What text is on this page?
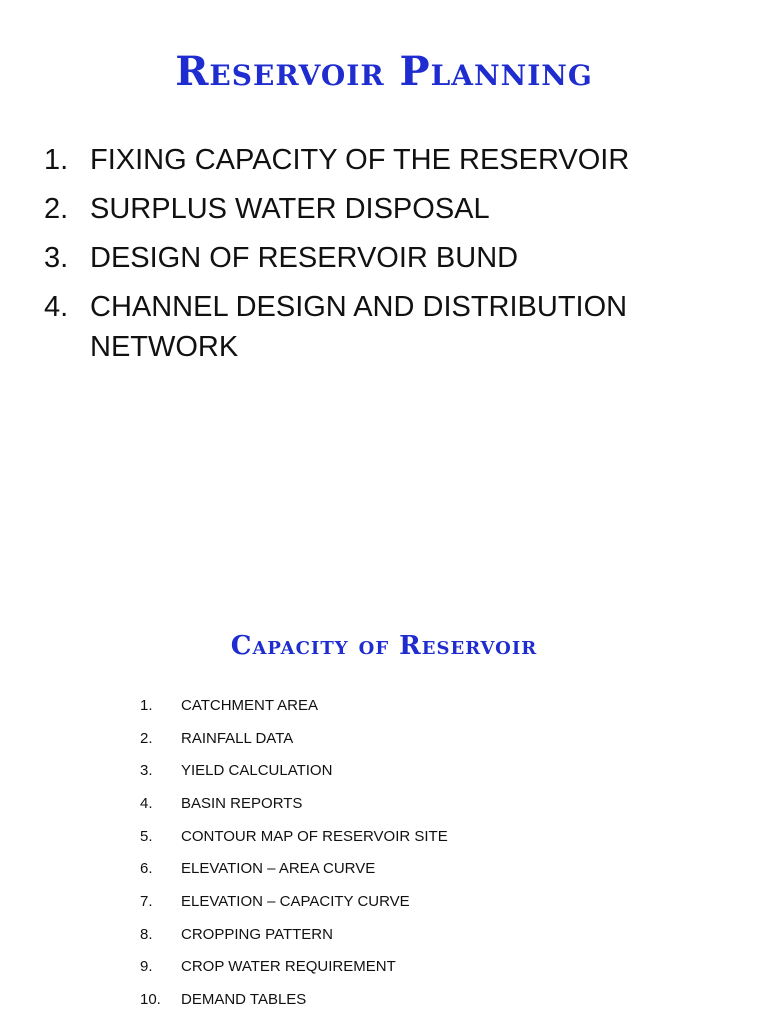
Reservoir Planning
1. FIXING CAPACITY OF THE RESERVOIR
2. SURPLUS WATER DISPOSAL
3. DESIGN OF RESERVOIR BUND
4. CHANNEL DESIGN AND DISTRIBUTION NETWORK
Capacity of Reservoir
1.	CATCHMENT AREA
2.	RAINFALL DATA
3.	YIELD CALCULATION
4.	BASIN REPORTS
5.	CONTOUR MAP OF RESERVOIR SITE
6.	ELEVATION – AREA CURVE
7.	ELEVATION – CAPACITY CURVE
8.	CROPPING PATTERN
9.	CROP WATER REQUIREMENT
10.	DEMAND TABLES
